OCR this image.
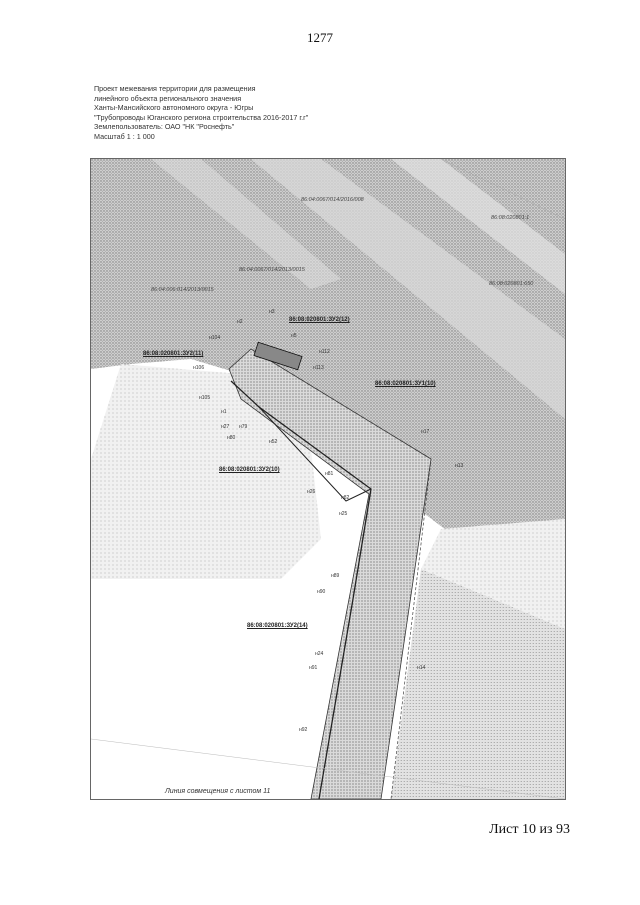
1277
Проект межевания территории для размещения
линейного объекта регионального значения
Ханты-Мансийского автономного округа - Югры
"Трубопроводы Юганского региона строительства 2016-2017 г.г"
Землепользователь: ОАО "НК "Роснефть"
Масштаб 1 : 1 000
86:04:0067/014/2016/008
86:08:020801:1
86:04:0067/014/2013/0015
86:04:006:014/2013/0015
86:08:020801:650
86:08:020801:ЗУ2(12)
86:08:020801:ЗУ2(11)
86:08:020801:ЗУ1(10)
86:08:020801:ЗУ2(10)
86:08:020801:ЗУ2(14)
н3
н2
н104	н5
н112
н113
н106
н105
н1
н27 н79
н80
н52
н81
н26
н82
н25
н89
н90
н24
н91
н92
н13
н14
н17
Линия совмещения с листом 11
Лист 10 из 93
